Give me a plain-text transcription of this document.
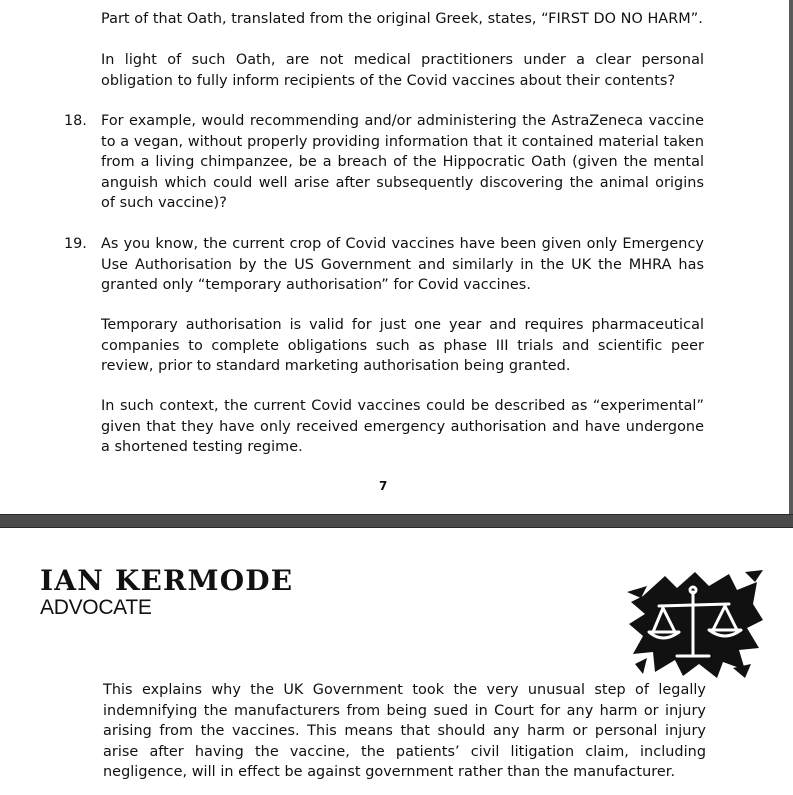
Part of that Oath, translated from the original Greek, states, “FIRST DO NO HARM”.

In light of such Oath, are not medical practitioners under a clear personal obligation to fully inform recipients of the Covid vaccines about their contents?

18. For example, would recommending and/or administering the AstraZeneca vaccine to a vegan, without properly providing information that it contained material taken from a living chimpanzee, be a breach of the Hippocratic Oath (given the mental anguish which could well arise after subsequently discovering the animal origins of such vaccine)?

19. As you know, the current crop of Covid vaccines have been given only Emergency Use Authorisation by the US Government and similarly in the UK the MHRA has granted only “temporary authorisation” for Covid vaccines.

Temporary authorisation is valid for just one year and requires pharmaceutical companies to complete obligations such as phase III trials and scientific peer review, prior to standard marketing authorisation being granted.

In such context, the current Covid vaccines could be described as “experimental” given that they have only received emergency authorisation and have undergone a shortened testing regime.

7

IAN KERMODE

ADVOCATE

This explains why the UK Government took the very unusual step of legally indemnifying the manufacturers from being sued in Court for any harm or injury arising from the vaccines. This means that should any harm or personal injury arise after having the vaccine, the patients’ civil litigation claim, including negligence, will in effect be against government rather than the manufacturer.
